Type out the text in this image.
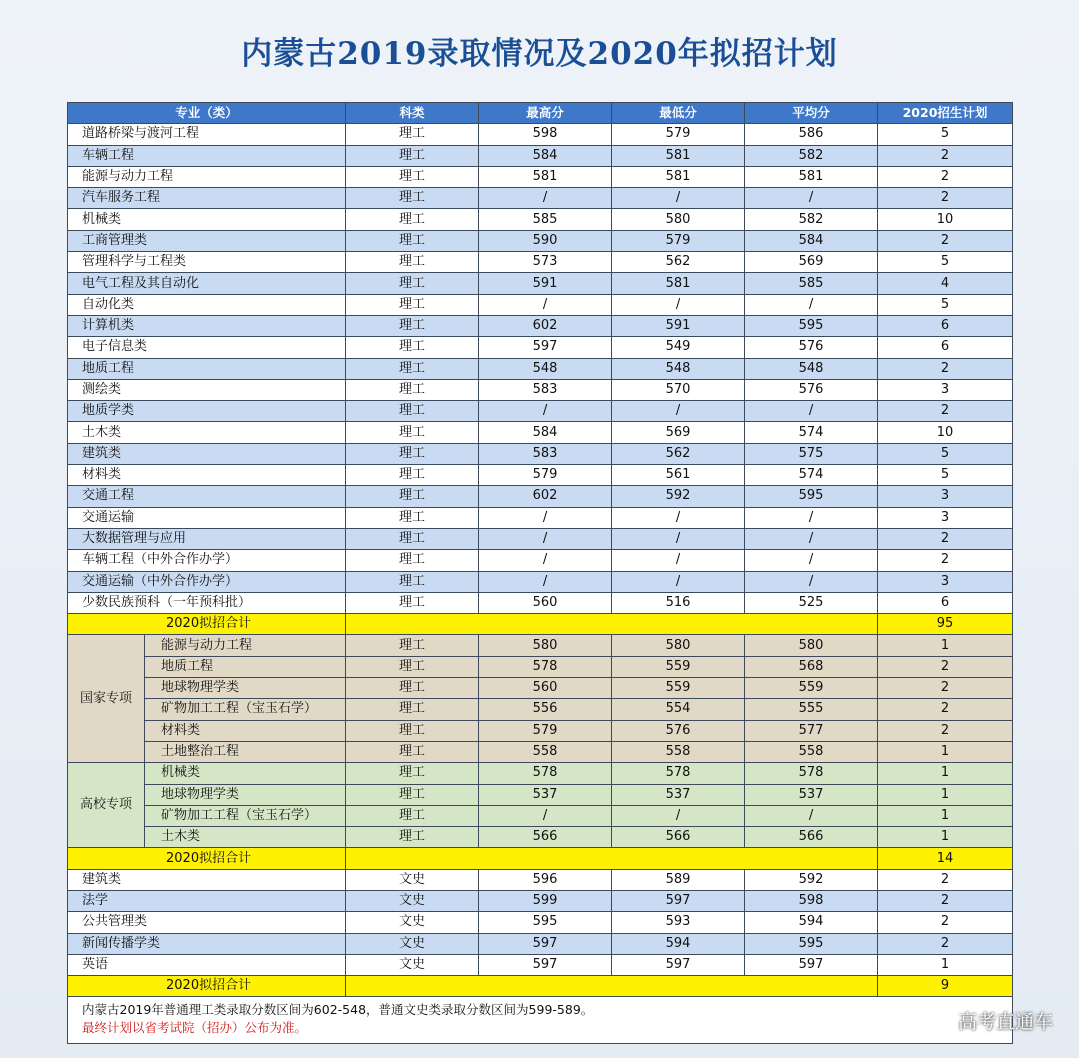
内蒙古2019录取情况及2020年拟招计划
专业（类）		科类	最高分	最低分	平均分	2020招生计划
道路桥梁与渡河工程		理工	598	579	586	5
车辆工程		理工	584	581	582	2
能源与动力工程		理工	581	581	581	2
汽车服务工程		理工	/	/	/	2
机械类		理工	585	580	582	10
工商管理类		理工	590	579	584	2
管理科学与工程类		理工	573	562	569	5
电气工程及其自动化		理工	591	581	585	4
自动化类		理工	/	/	/	5
计算机类		理工	602	591	595	6
电子信息类		理工	597	549	576	6
地质工程		理工	548	548	548	2
测绘类		理工	583	570	576	3
地质学类		理工	/	/	/	2
土木类		理工	584	569	574	10
建筑类		理工	583	562	575	5
材料类		理工	579	561	574	5
交通工程		理工	602	592	595	3
交通运输		理工	/	/	/	3
大数据管理与应用		理工	/	/	/	2
车辆工程（中外合作办学）		理工	/	/	/	2
交通运输（中外合作办学）		理工	/	/	/	3
少数民族预科（一年预科批）		理工	560	516	525	6
2020拟招合计						95
国家专项	能源与动力工程	理工	580	580	580	1
	地质工程	理工	578	559	568	2
	地球物理学类	理工	560	559	559	2
	矿物加工工程（宝玉石学）	理工	556	554	555	2
	材料类	理工	579	576	577	2
	土地整治工程	理工	558	558	558	1
高校专项	机械类	理工	578	578	578	1
	地球物理学类	理工	537	537	537	1
	矿物加工工程（宝玉石学）	理工	/	/	/	1
	土木类	理工	566	566	566	1
2020拟招合计						14
建筑类		文史	596	589	592	2
法学		文史	599	597	598	2
公共管理类		文史	595	593	594	2
新闻传播学类		文史	597	594	595	2
英语		文史	597	597	597	1
2020拟招合计						9

内蒙古2019年普通理工类录取分数区间为602-548，普通文史类录取分数区间为599-589。
最终计划以省考试院（招办）公布为准。							高考直通车
